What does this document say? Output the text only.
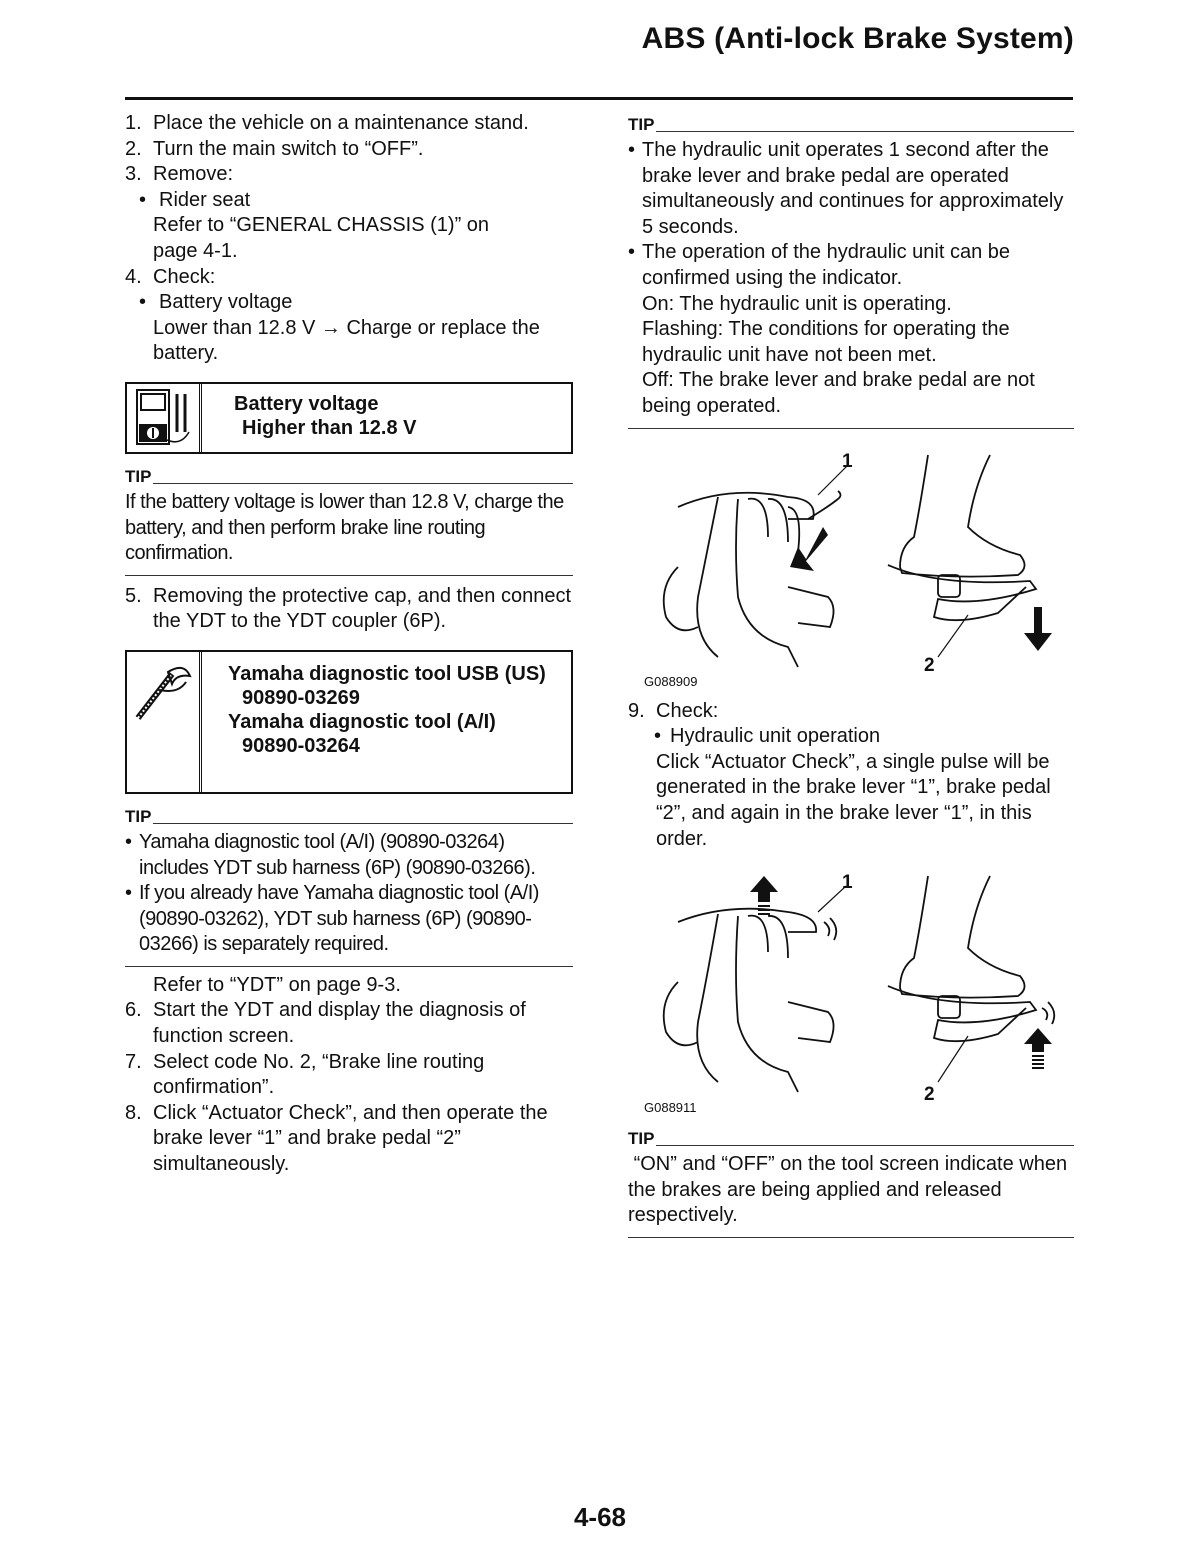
ABS (Anti-lock Brake System)
1. Place the vehicle on a maintenance stand.
2. Turn the main switch to “OFF”.
3. Remove:
• Rider seat
Refer to “GENERAL CHASSIS (1)” on page 4-1.
4. Check:
• Battery voltage
Lower than 12.8 V → Charge or replace the battery.
Battery voltage
Higher than 12.8 V
TIP
If the battery voltage is lower than 12.8 V, charge the battery, and then perform brake line routing confirmation.
5. Removing the protective cap, and then connect the YDT to the YDT coupler (6P).
Yamaha diagnostic tool USB (US)
90890-03269
Yamaha diagnostic tool (A/I)
90890-03264
TIP
• Yamaha diagnostic tool (A/I) (90890-03264) includes YDT sub harness (6P) (90890-03266).
• If you already have Yamaha diagnostic tool (A/I) (90890-03262), YDT sub harness (6P) (90890-03266) is separately required.
Refer to “YDT” on page 9-3.
6. Start the YDT and display the diagnosis of function screen.
7. Select code No. 2, “Brake line routing confirmation”.
8. Click “Actuator Check”, and then operate the brake lever “1” and brake pedal “2” simultaneously.
TIP
• The hydraulic unit operates 1 second after the brake lever and brake pedal are operated simultaneously and continues for approximately 5 seconds.
• The operation of the hydraulic unit can be confirmed using the indicator.
On: The hydraulic unit is operating.
Flashing: The conditions for operating the hydraulic unit have not been met.
Off: The brake lever and brake pedal are not being operated.
1
2
G088909
9. Check:
• Hydraulic unit operation
Click “Actuator Check”, a single pulse will be generated in the brake lever “1”, brake pedal “2”, and again in the brake lever “1”, in this order.
1
2
G088911
TIP
“ON” and “OFF” on the tool screen indicate when the brakes are being applied and released respectively.
4-68
